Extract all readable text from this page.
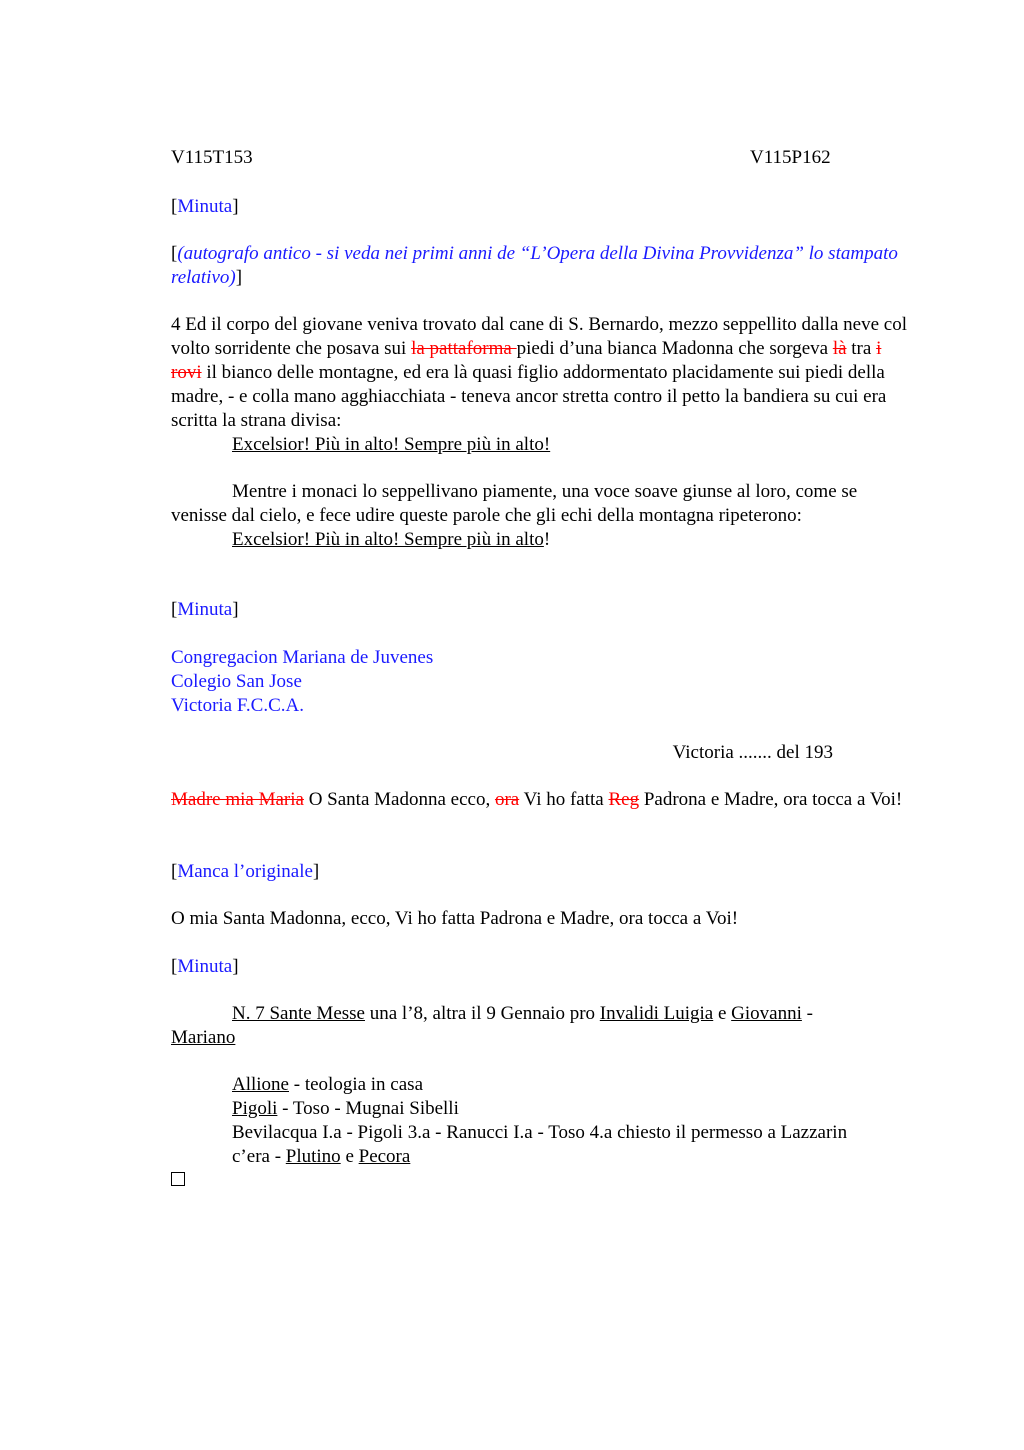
V115T153	V115P162
[Minuta]
[(autografo antico - si veda nei primi anni de “L’Opera della Divina Provvidenza” lo stampato relativo)]

4 Ed il corpo del giovane veniva trovato dal cane di S. Bernardo, mezzo seppellito dalla neve col volto sorridente che posava sui la pattaforma piedi d’una bianca Madonna che sorgeva là tra i rovi il bianco delle montagne, ed era là quasi figlio addormentato placidamente sui piedi della madre, - e colla mano agghiacchiata - teneva ancor stretta contro il petto la bandiera su cui era scritta la strana divisa:

Excelsior! Più in alto! Sempre più in alto!

Mentre i monaci lo seppellivano piamente, una voce soave giunse al loro, come se venisse dal cielo, e fece udire queste parole che gli echi della montagna ripeterono:

Excelsior! Più in alto! Sempre più in alto!

[Minuta]

Congregacion Mariana de Juvenes

Colegio San Jose

Victoria F.C.C.A.

Victoria ....... del 193

Madre mia Maria O Santa Madonna ecco, ora Vi ho fatta Reg Padrona e Madre, ora tocca a Voi!

[Manca l’originale]
O mia Santa Madonna, ecco, Vi ho fatta Padrona e Madre, ora tocca a Voi!
[Minuta]

N. 7 Sante Messe una l’8, altra il 9 Gennaio pro Invalidi Luigia e Giovanni -

Mariano

Allione - teologia in casa

Pigoli - Toso - Mugnai Sibelli

Bevilacqua I.a - Pigoli 3.a - Ranucci I.a - Toso 4.a chiesto il permesso a Lazzarin

c’era - Plutino e Pecora
